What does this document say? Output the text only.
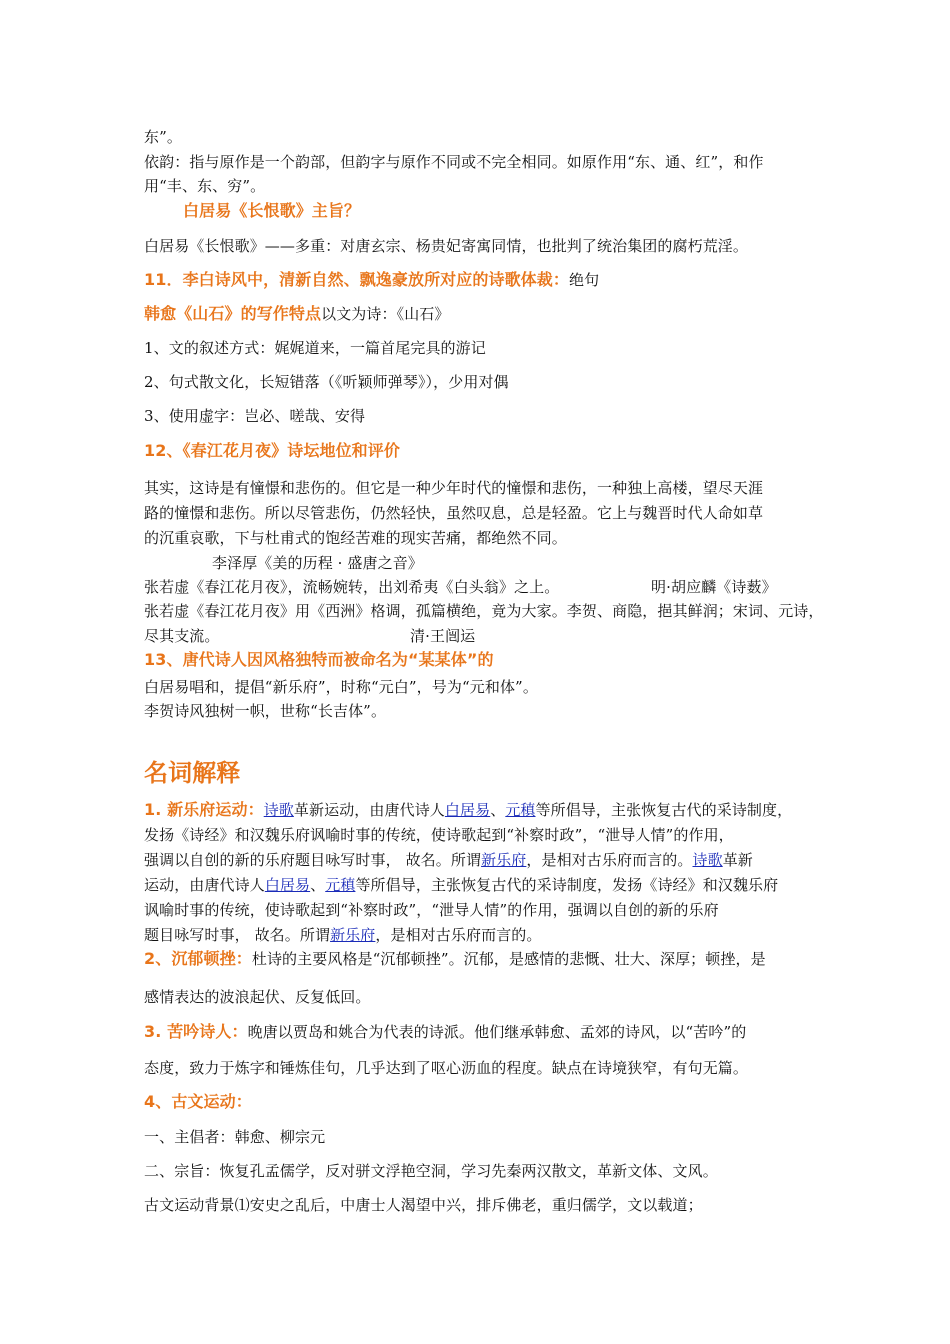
东”。
依韵：指与原作是一个韵部，但韵字与原作不同或不完全相同。如原作用“东、通、红”，和作
用“丰、东、穷”。
白居易《长恨歌》主旨？
白居易《长恨歌》——多重：对唐玄宗、杨贵妃寄寓同情，也批判了统治集团的腐朽荒淫。
11．李白诗风中，清新自然、飘逸豪放所对应的诗歌体裁：绝句
韩愈《山石》的写作特点以文为诗：《山石》
1、文的叙述方式：娓娓道来，一篇首尾完具的游记
2、句式散文化，长短错落（《听颖师弹琴》），少用对偶
3、使用虚字：岂必、嗟哉、安得
12、《春江花月夜》诗坛地位和评价
其实，这诗是有憧憬和悲伤的。但它是一种少年时代的憧憬和悲伤，一种独上高楼，望尽天涯
路的憧憬和悲伤。所以尽管悲伤，仍然轻快，虽然叹息，总是轻盈。它上与魏晋时代人命如草
的沉重哀歌，下与杜甫式的饱经苦难的现实苦痛，都绝然不同。
李泽厚《美的历程 · 盛唐之音》
张若虚《春江花月夜》，流畅婉转，出刘希夷《白头翁》之上。	明·胡应麟《诗薮》
张若虚《春江花月夜》用《西洲》格调，孤篇横绝，竟为大家。李贺、商隐，挹其鲜润；宋词、元诗，
尽其支流。	清·王闿运
13、唐代诗人因风格独特而被命名为“某某体”的
白居易唱和，提倡“新乐府”，时称“元白”，号为“元和体”。
李贺诗风独树一帜，世称“长吉体”。
名词解释
1. 新乐府运动：诗歌革新运动，由唐代诗人白居易、元稹等所倡导，主张恢复古代的采诗制度，
发扬《诗经》和汉魏乐府讽喻时事的传统，使诗歌起到“补察时政”，“泄导人情”的作用，
强调以自创的新的乐府题目咏写时事， 故名。所谓新乐府，是相对古乐府而言的。诗歌革新
运动，由唐代诗人白居易、元稹等所倡导，主张恢复古代的采诗制度，发扬《诗经》和汉魏乐府
讽喻时事的传统，使诗歌起到“补察时政”，“泄导人情”的作用，强调以自创的新的乐府
题目咏写时事， 故名。所谓新乐府，是相对古乐府而言的。
2、沉郁顿挫：杜诗的主要风格是“沉郁顿挫”。沉郁，是感情的悲慨、壮大、深厚；顿挫，是
感情表达的波浪起伏、反复低回。
3. 苦吟诗人：晚唐以贾岛和姚合为代表的诗派。他们继承韩愈、孟郊的诗风，以“苦吟”的
态度，致力于炼字和锤炼佳句，几乎达到了呕心沥血的程度。缺点在诗境狭窄，有句无篇。
4、古文运动：
一、主倡者：韩愈、柳宗元
二、宗旨：恢复孔孟儒学，反对骈文浮艳空洞，学习先秦两汉散文，革新文体、文风。
古文运动背景⑴安史之乱后，中唐士人渴望中兴，排斥佛老，重归儒学，文以载道；
